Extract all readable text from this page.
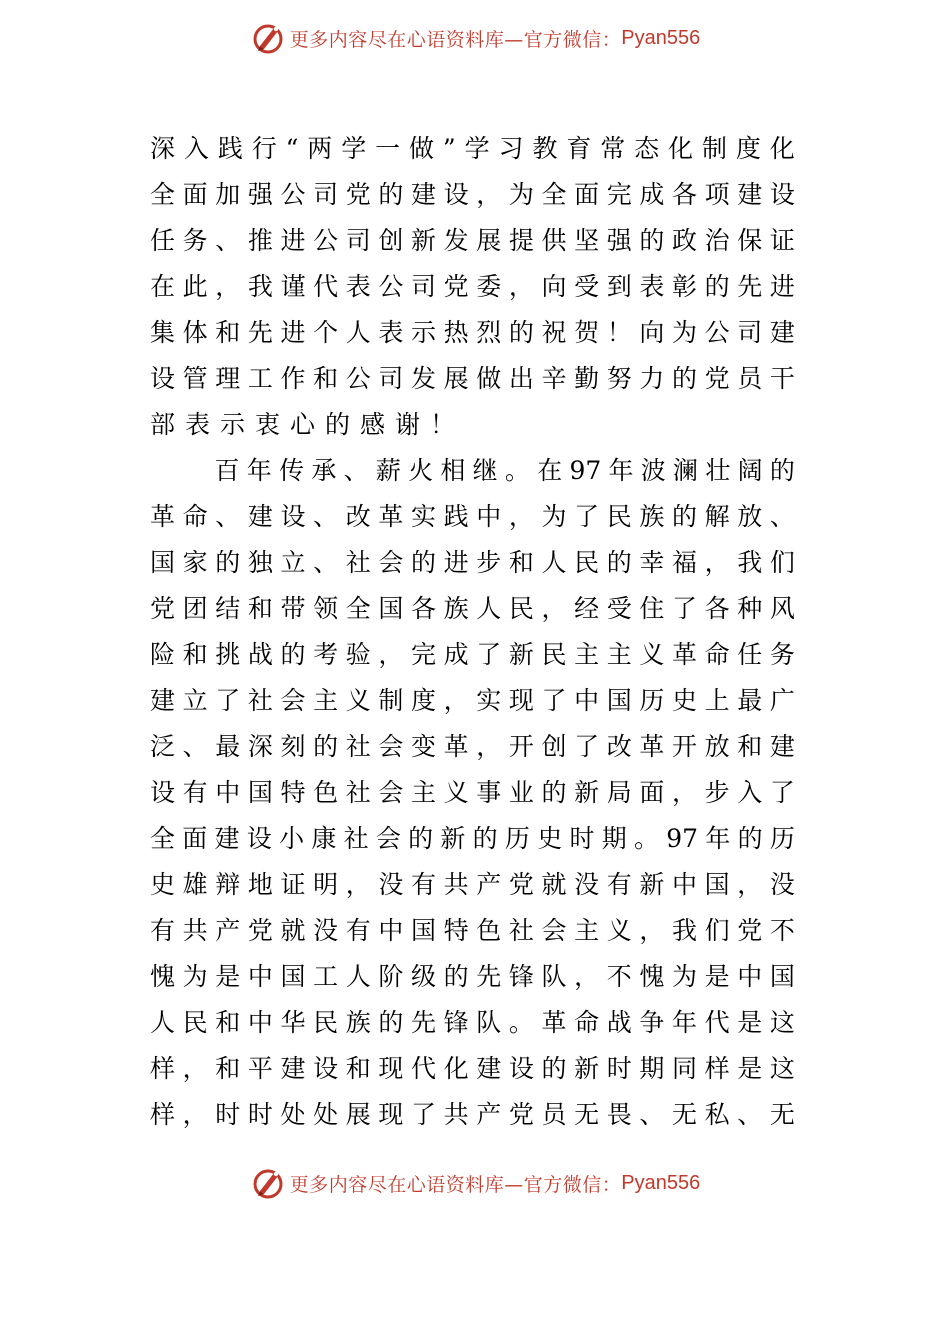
更多内容尽在心语资料库—官方微信： Pyan556
深 入 践 行 “ 两 学 一 做 ” 学 习 教 育 常 态 化 制 度 化
全 面 加 强 公 司 党 的 建 设 ， 为 全 面 完 成 各 项 建 设
任 务 、 推 进 公 司 创 新 发 展 提 供 坚 强 的 政 治 保 证
在 此 ， 我 谨 代 表 公 司 党 委 ， 向 受 到 表 彰 的 先 进
集 体 和 先 进 个 人 表 示 热 烈 的 祝 贺 ！ 向 为 公 司 建
设 管 理 工 作 和 公 司 发 展 做 出 辛 勤 努 力 的 党 员 干
部表示衷心的感谢！

百 年 传 承 、 薪 火 相 继 。 在 97 年 波 澜 壮 阔 的
革 命 、 建 设 、 改 革 实 践 中 ， 为 了 民 族 的 解 放 、
国 家 的 独 立 、 社 会 的 进 步 和 人 民 的 幸 福 ， 我 们
党 团 结 和 带 领 全 国 各 族 人 民 ， 经 受 住 了 各 种 风
险 和 挑 战 的 考 验 ， 完 成 了 新 民 主 主 义 革 命 任 务
建 立 了 社 会 主 义 制 度 ， 实 现 了 中 国 历 史 上 最 广
泛 、 最 深 刻 的 社 会 变 革 ， 开 创 了 改 革 开 放 和 建
设 有 中 国 特 色 社 会 主 义 事 业 的 新 局 面 ， 步 入 了
全 面 建 设 小 康 社 会 的 新 的 历 史 时 期 。 97 年 的 历
史 雄 辩 地 证 明 ， 没 有 共 产 党 就 没 有 新 中 国 ， 没
有 共 产 党 就 没 有 中 国 特 色 社 会 主 义 ， 我 们 党 不
愧 为 是 中 国 工 人 阶 级 的 先 锋 队 ， 不 愧 为 是 中 国
人 民 和 中 华 民 族 的 先 锋 队 。 革 命 战 争 年 代 是 这
样 ， 和 平 建 设 和 现 代 化 建 设 的 新 时 期 同 样 是 这
样 ， 时 时 处 处 展 现 了 共 产 党 员 无 畏 、 无 私 、 无
更多内容尽在心语资料库—官方微信： Pyan556
